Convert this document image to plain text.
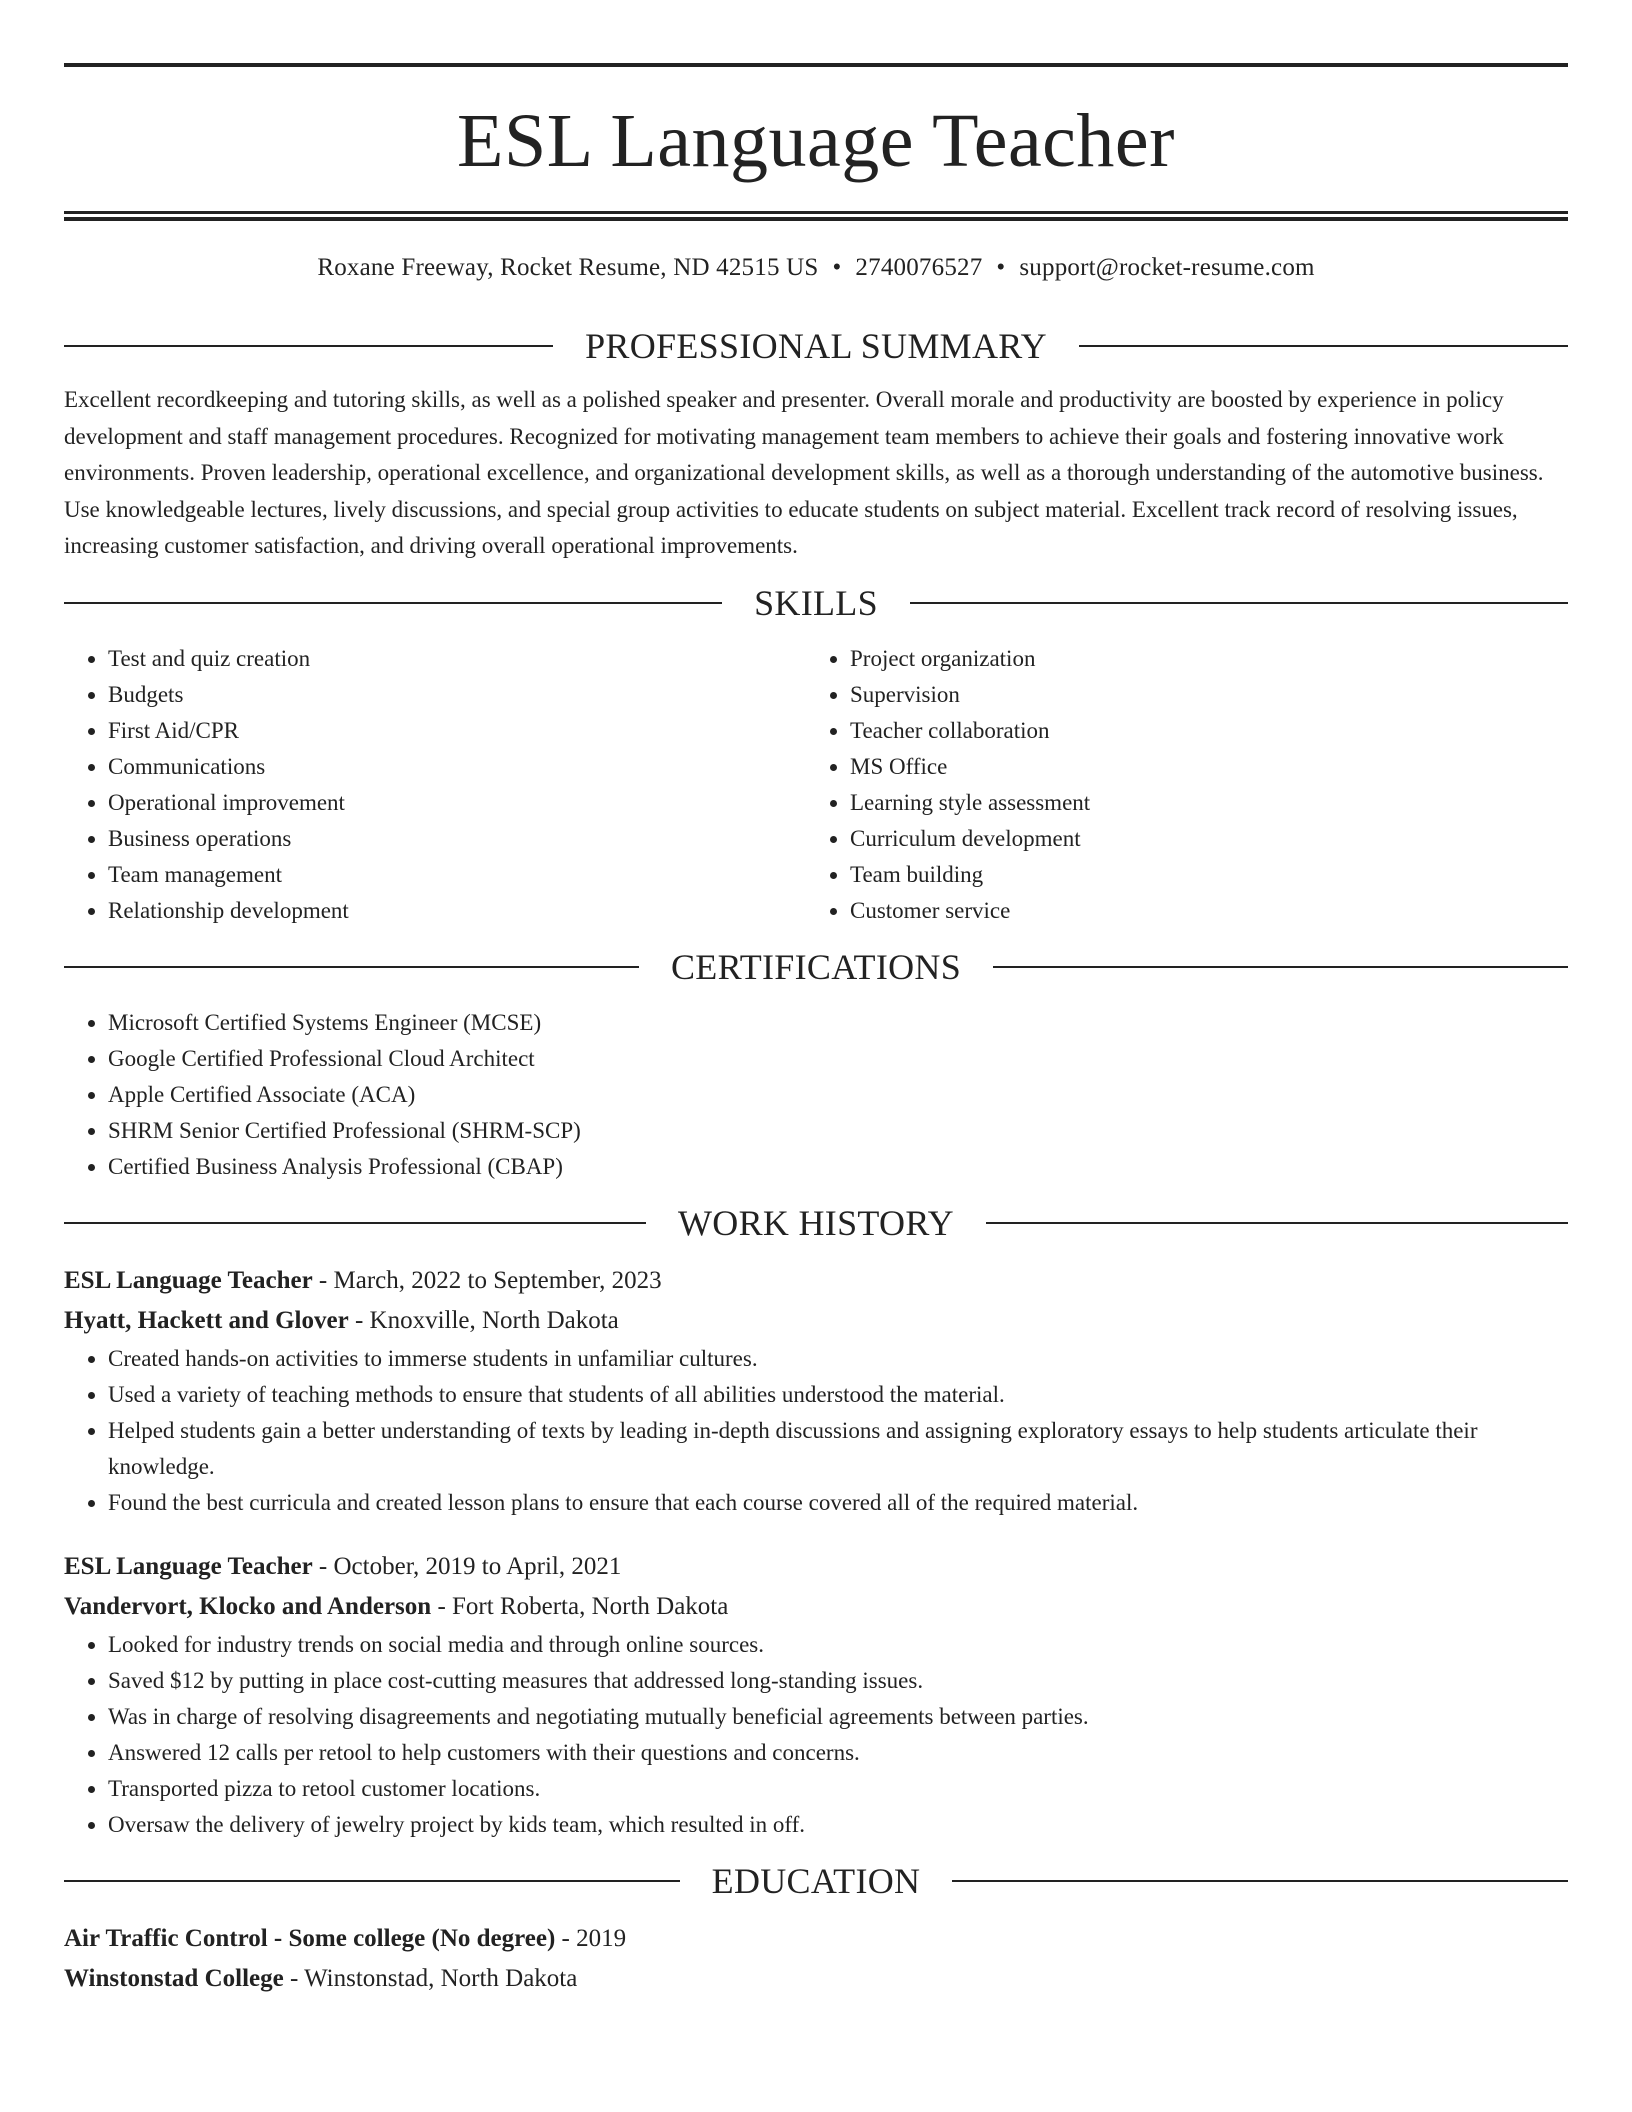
ESL Language Teacher
Roxane Freeway, Rocket Resume, ND 42515 US • 2740076527 • support@rocket-resume.com
PROFESSIONAL SUMMARY
Excellent recordkeeping and tutoring skills, as well as a polished speaker and presenter. Overall morale and productivity are boosted by experience in policy development and staff management procedures. Recognized for motivating management team members to achieve their goals and fostering innovative work environments. Proven leadership, operational excellence, and organizational development skills, as well as a thorough understanding of the automotive business. Use knowledgeable lectures, lively discussions, and special group activities to educate students on subject material. Excellent track record of resolving issues, increasing customer satisfaction, and driving overall operational improvements.
SKILLS
• Test and quiz creation
• Budgets
• First Aid/CPR
• Communications
• Operational improvement
• Business operations
• Team management
• Relationship development
• Project organization
• Supervision
• Teacher collaboration
• MS Office
• Learning style assessment
• Curriculum development
• Team building
• Customer service
CERTIFICATIONS
• Microsoft Certified Systems Engineer (MCSE)
• Google Certified Professional Cloud Architect
• Apple Certified Associate (ACA)
• SHRM Senior Certified Professional (SHRM-SCP)
• Certified Business Analysis Professional (CBAP)
WORK HISTORY
ESL Language Teacher - March, 2022 to September, 2023
Hyatt, Hackett and Glover - Knoxville, North Dakota
• Created hands-on activities to immerse students in unfamiliar cultures.
• Used a variety of teaching methods to ensure that students of all abilities understood the material.
• Helped students gain a better understanding of texts by leading in-depth discussions and assigning exploratory essays to help students articulate their knowledge.
• Found the best curricula and created lesson plans to ensure that each course covered all of the required material.
ESL Language Teacher - October, 2019 to April, 2021
Vandervort, Klocko and Anderson - Fort Roberta, North Dakota
• Looked for industry trends on social media and through online sources.
• Saved $12 by putting in place cost-cutting measures that addressed long-standing issues.
• Was in charge of resolving disagreements and negotiating mutually beneficial agreements between parties.
• Answered 12 calls per retool to help customers with their questions and concerns.
• Transported pizza to retool customer locations.
• Oversaw the delivery of jewelry project by kids team, which resulted in off.
EDUCATION
Air Traffic Control - Some college (No degree) - 2019
Winstonstad College - Winstonstad, North Dakota
